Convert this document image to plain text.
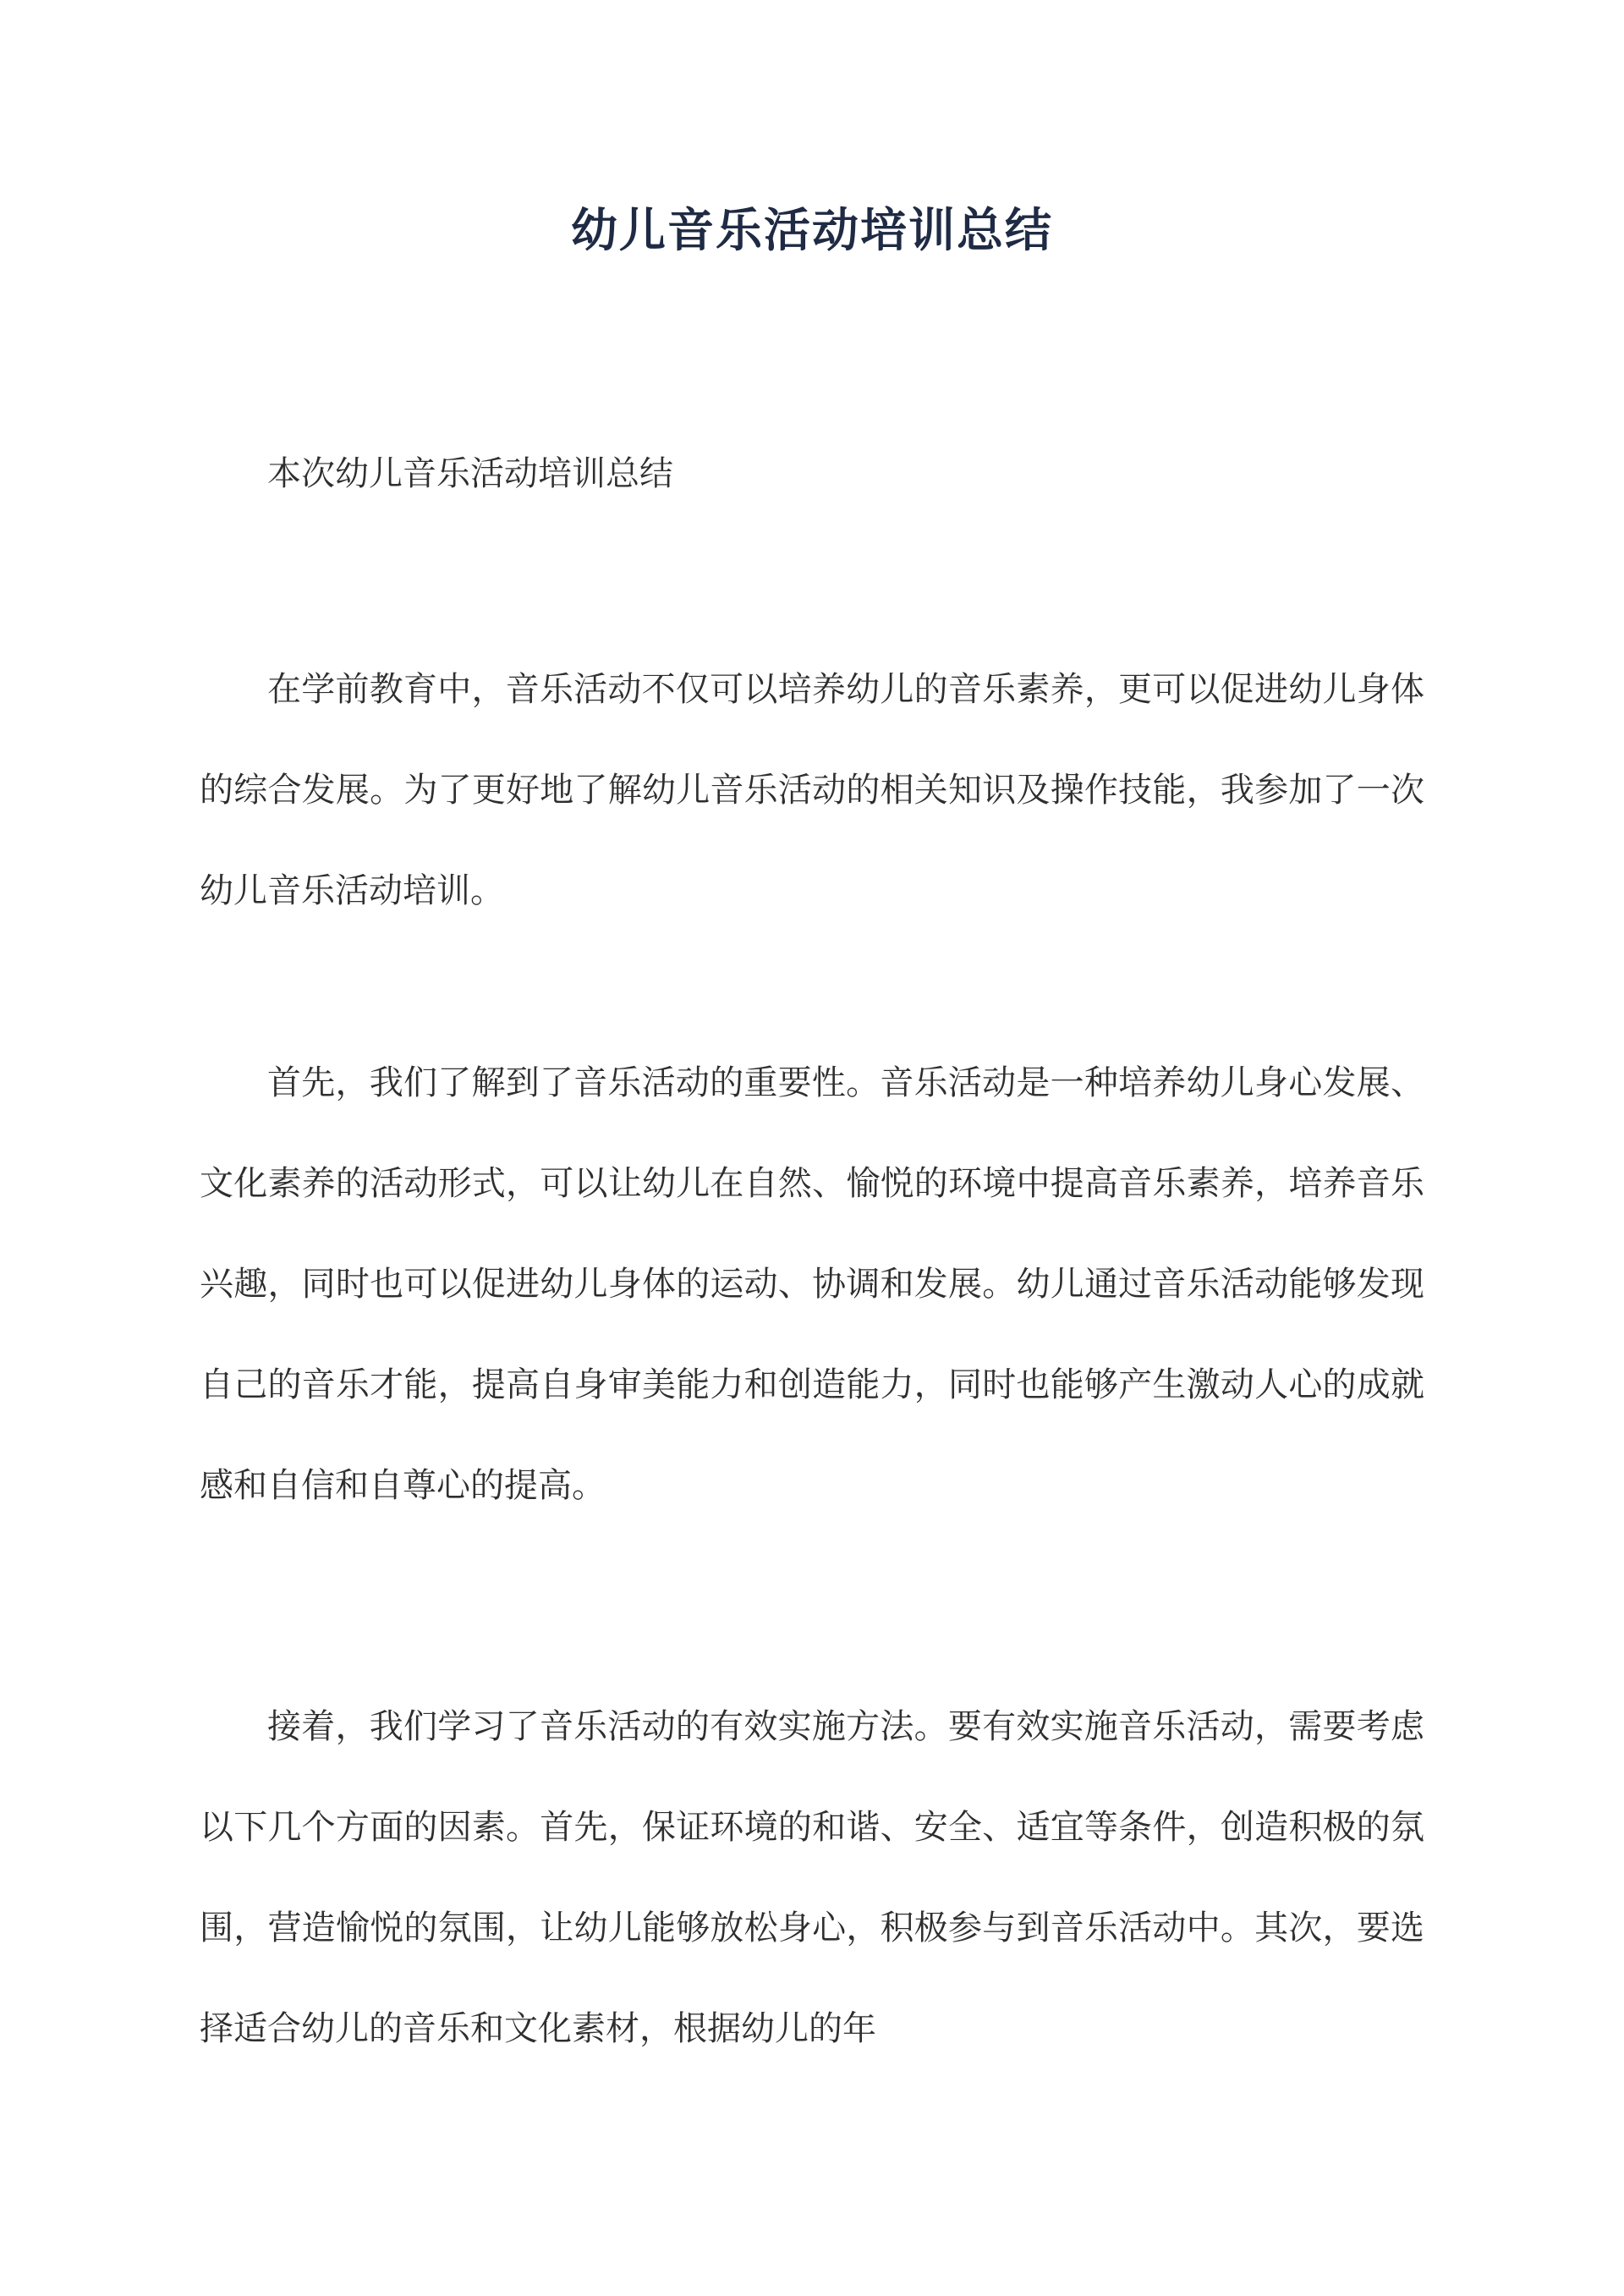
幼儿音乐活动培训总结

本次幼儿音乐活动培训总结

在学前教育中，音乐活动不仅可以培养幼儿的音乐素养，更可以促进幼儿身体的综合发展。为了更好地了解幼儿音乐活动的相关知识及操作技能，我参加了一次幼儿音乐活动培训。

首先，我们了解到了音乐活动的重要性。音乐活动是一种培养幼儿身心发展、文化素养的活动形式，可以让幼儿在自然、愉悦的环境中提高音乐素养，培养音乐兴趣，同时也可以促进幼儿身体的运动、协调和发展。幼儿通过音乐活动能够发现自己的音乐才能，提高自身审美能力和创造能力，同时也能够产生激动人心的成就感和自信和自尊心的提高。

接着，我们学习了音乐活动的有效实施方法。要有效实施音乐活动，需要考虑以下几个方面的因素。首先，保证环境的和谐、安全、适宜等条件，创造积极的氛围，营造愉悦的氛围，让幼儿能够放松身心，积极参与到音乐活动中。其次，要选择适合幼儿的音乐和文化素材，根据幼儿的年
